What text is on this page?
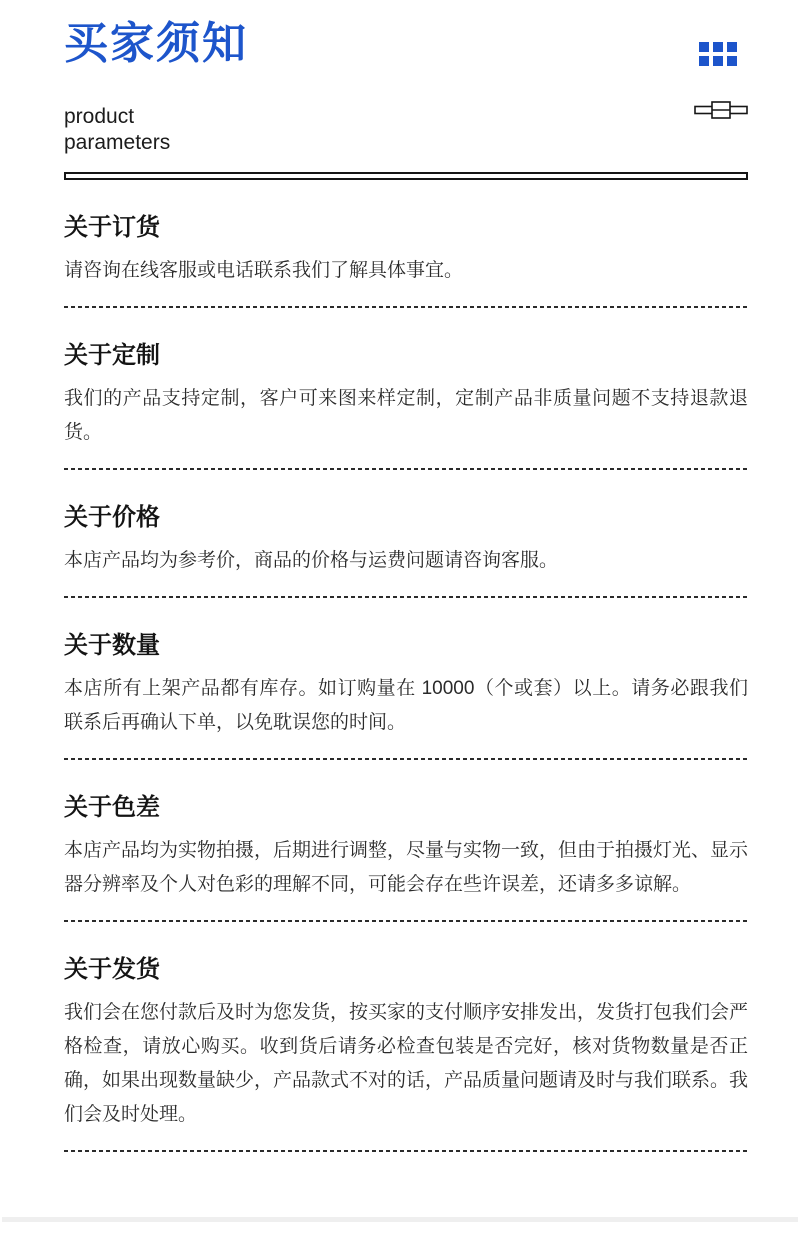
买家须知
product
parameters
关于订货

请咨询在线客服或电话联系我们了解具体事宜。

关于定制

我们的产品支持定制，客户可来图来样定制，定制产品非质量问题不支持退款退货。

关于价格

本店产品均为参考价，商品的价格与运费问题请咨询客服。

关于数量

本店所有上架产品都有库存。如订购量在 10000（个或套）以上。请务必跟我们联系后再确认下单，以免耽误您的时间。

关于色差

本店产品均为实物拍摄，后期进行调整，尽量与实物一致，但由于拍摄灯光、显示器分辨率及个人对色彩的理解不同，可能会存在些许误差，还请多多谅解。

关于发货

我们会在您付款后及时为您发货，按买家的支付顺序安排发出，发货打包我们会严格检查，请放心购买。收到货后请务必检查包装是否完好，核对货物数量是否正确，如果出现数量缺少，产品款式不对的话，产品质量问题请及时与我们联系。我们会及时处理。
